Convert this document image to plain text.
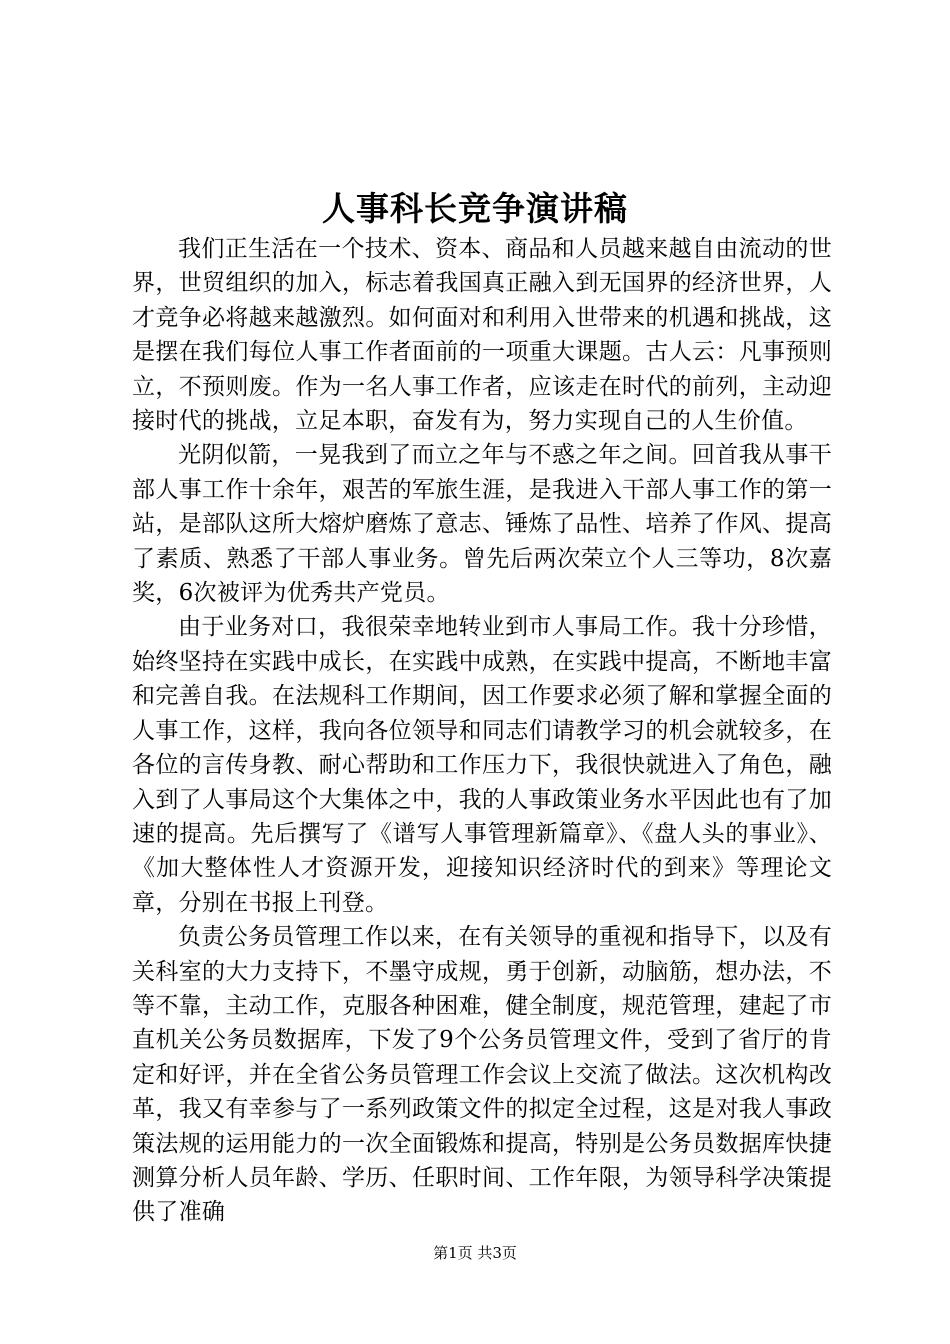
人事科长竞争演讲稿

我们正生活在一个技术、资本、商品和人员越来越自由流动的世界，世贸组织的加入，标志着我国真正融入到无国界的经济世界，人才竞争必将越来越激烈。如何面对和利用入世带来的机遇和挑战，这是摆在我们每位人事工作者面前的一项重大课题。古人云：凡事预则立，不预则废。作为一名人事工作者，应该走在时代的前列，主动迎接时代的挑战，立足本职，奋发有为，努力实现自己的人生价值。

光阴似箭，一晃我到了而立之年与不惑之年之间。回首我从事干部人事工作十余年，艰苦的军旅生涯，是我进入干部人事工作的第一站，是部队这所大熔炉磨炼了意志、锤炼了品性、培养了作风、提高了素质、熟悉了干部人事业务。曾先后两次荣立个人三等功，8次嘉奖，6次被评为优秀共产党员。

由于业务对口，我很荣幸地转业到市人事局工作。我十分珍惜，始终坚持在实践中成长，在实践中成熟，在实践中提高，不断地丰富和完善自我。在法规科工作期间，因工作要求必须了解和掌握全面的人事工作，这样，我向各位领导和同志们请教学习的机会就较多，在各位的言传身教、耐心帮助和工作压力下，我很快就进入了角色，融入到了人事局这个大集体之中，我的人事政策业务水平因此也有了加速的提高。先后撰写了《谱写人事管理新篇章》、《盘人头的事业》、《加大整体性人才资源开发，迎接知识经济时代的到来》等理论文章，分别在书报上刊登。

负责公务员管理工作以来，在有关领导的重视和指导下，以及有关科室的大力支持下，不墨守成规，勇于创新，动脑筋，想办法，不等不靠，主动工作，克服各种困难，健全制度，规范管理，建起了市直机关公务员数据库，下发了9个公务员管理文件，受到了省厅的肯定和好评，并在全省公务员管理工作会议上交流了做法。这次机构改革，我又有幸参与了一系列政策文件的拟定全过程，这是对我人事政策法规的运用能力的一次全面锻炼和提高，特别是公务员数据库快捷测算分析人员年龄、学历、任职时间、工作年限，为领导科学决策提供了准确

第1页 共3页
